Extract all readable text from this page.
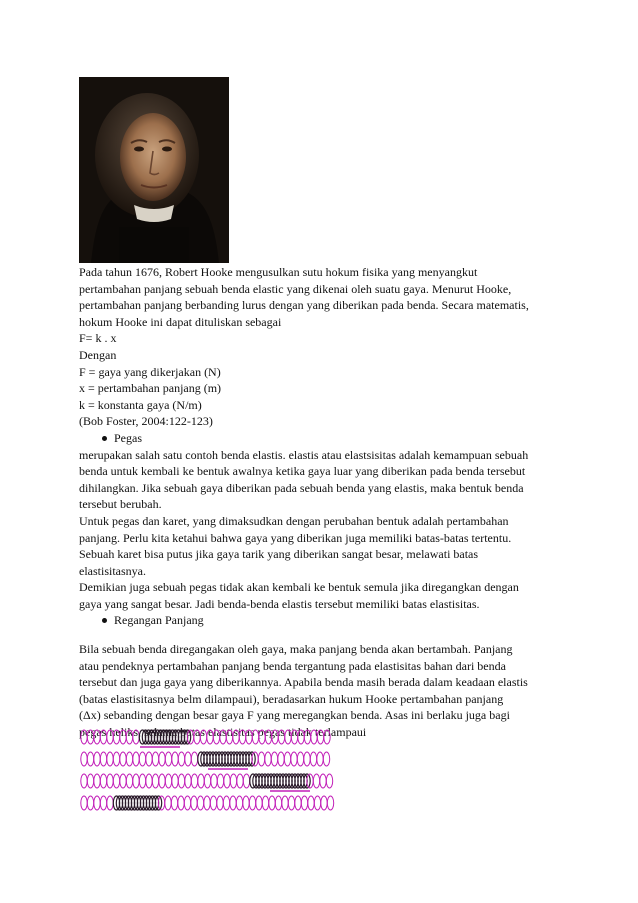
Pada tahun 1676, Robert Hooke mengusulkan sutu hokum fisika yang menyangkut

pertambahan panjang sebuah benda elastic yang dikenai oleh suatu gaya. Menurut Hooke,

pertambahan panjang berbanding lurus dengan yang diberikan pada benda. Secara matematis,

hokum Hooke ini dapat dituliskan sebagai

F= k . x

Dengan

F = gaya yang dikerjakan (N)

x = pertambahan panjang (m)

k = konstanta gaya (N/m)

(Bob Foster, 2004:122-123)

Pegas

merupakan salah satu contoh benda elastis. elastis atau elastsisitas adalah kemampuan sebuah

benda untuk kembali ke bentuk awalnya ketika gaya luar yang diberikan pada benda tersebut

dihilangkan. Jika sebuah gaya diberikan pada sebuah benda yang elastis, maka bentuk benda

tersebut berubah.

Untuk pegas dan karet, yang dimaksudkan dengan perubahan bentuk adalah pertambahan

panjang. Perlu kita ketahui bahwa gaya yang diberikan juga memiliki batas-batas tertentu.

Sebuah karet bisa putus jika gaya tarik yang diberikan sangat besar, melawati batas

elastisitasnya.

Demikian juga sebuah pegas tidak akan kembali ke bentuk semula jika diregangkan dengan

gaya yang sangat besar. Jadi benda-benda elastis tersebut memiliki batas elastisitas.

Regangan Panjang

Bila sebuah benda diregangakan oleh gaya, maka panjang benda akan bertambah. Panjang

atau pendeknya pertambahan panjang benda tergantung pada elastisitas bahan dari benda

tersebut dan juga gaya yang diberikannya. Apabila benda masih berada dalam keadaan elastis

(batas elastisitasnya belm dilampaui), beradasarkan hukum Hooke pertambahan panjang

(Δx) sebanding dengan besar gaya F yang meregangkan benda. Asas ini berlaku juga bagi

pegas heliks, selama batas elastisitas pegas tidak terlampaui
